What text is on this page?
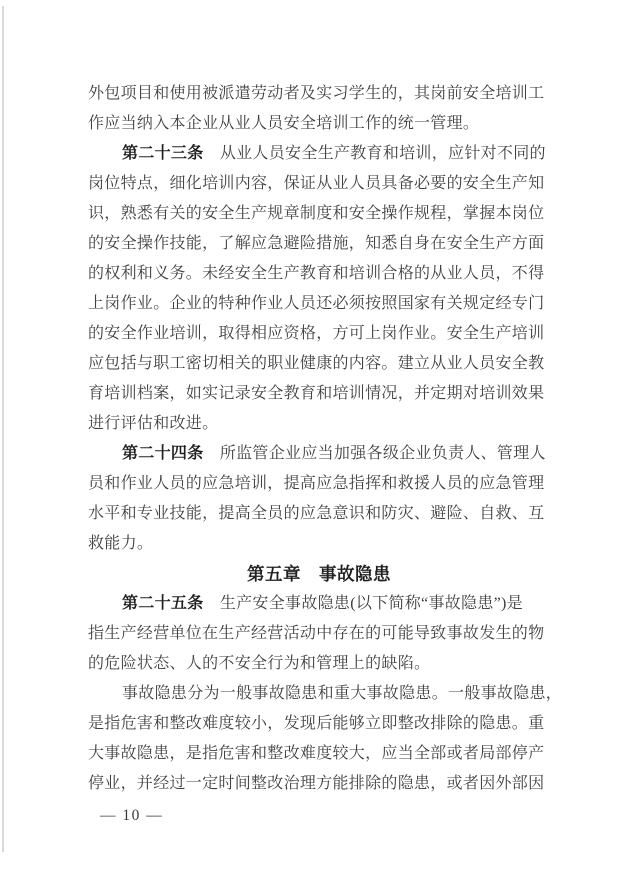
外包项目和使用被派遣劳动者及实习学生的，其岗前安全培训工
作应当纳入本企业从业人员安全培训工作的统一管理。
第二十三条　从业人员安全生产教育和培训，应针对不同的
岗位特点，细化培训内容，保证从业人员具备必要的安全生产知
识，熟悉有关的安全生产规章制度和安全操作规程，掌握本岗位
的安全操作技能，了解应急避险措施，知悉自身在安全生产方面
的权利和义务。未经安全生产教育和培训合格的从业人员，不得
上岗作业。企业的特种作业人员还必须按照国家有关规定经专门
的安全作业培训，取得相应资格，方可上岗作业。安全生产培训
应包括与职工密切相关的职业健康的内容。建立从业人员安全教
育培训档案，如实记录安全教育和培训情况，并定期对培训效果
进行评估和改进。
第二十四条　所监管企业应当加强各级企业负责人、管理人
员和作业人员的应急培训，提高应急指挥和救援人员的应急管理
水平和专业技能，提高全员的应急意识和防灾、避险、自救、互
救能力。
第五章　事故隐患
第二十五条　生产安全事故隐患(以下简称“事故隐患”)是
指生产经营单位在生产经营活动中存在的可能导致事故发生的物
的危险状态、人的不安全行为和管理上的缺陷。
事故隐患分为一般事故隐患和重大事故隐患。一般事故隐患，
是指危害和整改难度较小，发现后能够立即整改排除的隐患。重
大事故隐患，是指危害和整改难度较大，应当全部或者局部停产
停业，并经过一定时间整改治理方能排除的隐患，或者因外部因
— 10 —
